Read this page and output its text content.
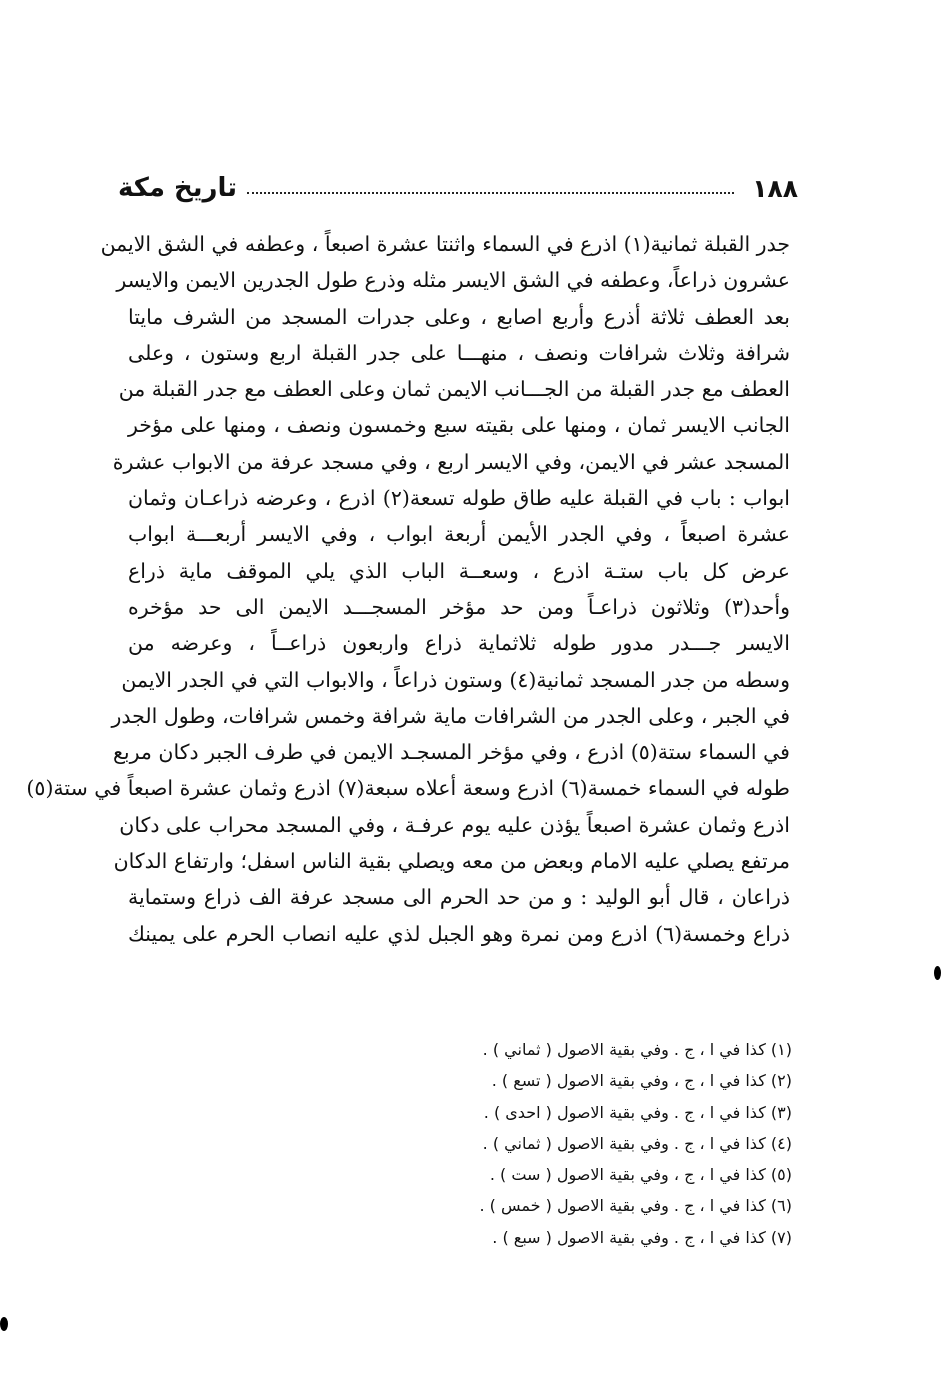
١٨٨
تاريخ مكة
جدر القبلة ثمانية(١) اذرع في السماء واثنتا عشرة اصبعاً ، وعطفه في الشق الايمن
عشرون ذراعاً، وعطفه في الشق الايسر مثله وذرع طول الجدرين الايمن والايسر
بعد العطف ثلاثة أذرع وأربع اصابع ، وعلى جدرات المسجد من الشرف مايتا
شرافة وثلاث شرافات ونصف ، منهـــا على جدر القبلة اربع وستون ، وعلى
العطف مع جدر القبلة من الجـــانب الايمن ثمان وعلى العطف مع جدر القبلة من
الجانب الايسر ثمان ، ومنها على بقيته سبع وخمسون ونصف ، ومنها على مؤخر
المسجد عشر في الايمن، وفي الايسر اربع ، وفي مسجد عرفة من الابواب عشرة
ابواب : باب في القبلة عليه طاق طوله تسعة(٢) اذرع ، وعرضه ذراعـان وثمان
عشرة اصبعاً ، وفي الجدر الأيمن أربعة ابواب ، وفي الايسر أربعـــة ابواب
عرض كل باب ستـة اذرع ، وسعــة الباب الذي يلي الموقف ماية ذراع
وأحد(٣) وثلاثون ذراعـاً ومن حد مؤخر المسجـــد الايمن الى حد مؤخره
الايسر جـــدر مدور طوله ثلاثماية ذراع واربعون ذراعــاً ، وعرضه من
وسطه من جدر المسجد ثمانية(٤) وستون ذراعاً ، والابواب التي في الجدر الايمن
في الجبر ، وعلى الجدر من الشرافات ماية شرافة وخمس شرافات، وطول الجدر
في السماء ستة(٥) اذرع ، وفي مؤخر المسجـد الايمن في طرف الجبر دكان مربع
طوله في السماء خمسة(٦) اذرع وسعة أعلاه سبعة(٧) اذرع وثمان عشرة اصبعاً في ستة(٥)
اذرع وثمان عشرة اصبعاً يؤذن عليه يوم عرفـة ، وفي المسجد محراب على دكان
مرتفع يصلي عليه الامام وبعض من معه ويصلي بقية الناس اسفل؛ وارتفاع الدكان
ذراعان ، قال أبو الوليد : و من حد الحرم الى مسجد عرفة الف ذراع وستماية
ذراع وخمسة(٦) اذرع ومن نمرة وهو الجبل لذي عليه انصاب الحرم على يمينك
(١) كذا في ا ، ج . وفي بقية الاصول ( ثماني ) .
(٢) كذا في ا ، ج ، وفي بقية الاصول ( تسع ) .
(٣) كذا في ا ، ج . وفي بقية الاصول ( احدى ) .
(٤) كذا في ا ، ج . وفي بقية الاصول ( ثماني ) .
(٥) كذا في ا ، ج ، وفي بقية الاصول ( ست ) .
(٦) كذا في ا ، ج . وفي بقية الاصول ( خمس ) .
(٧) كذا في ا ، ج . وفي بقية الاصول ( سبع ) .
